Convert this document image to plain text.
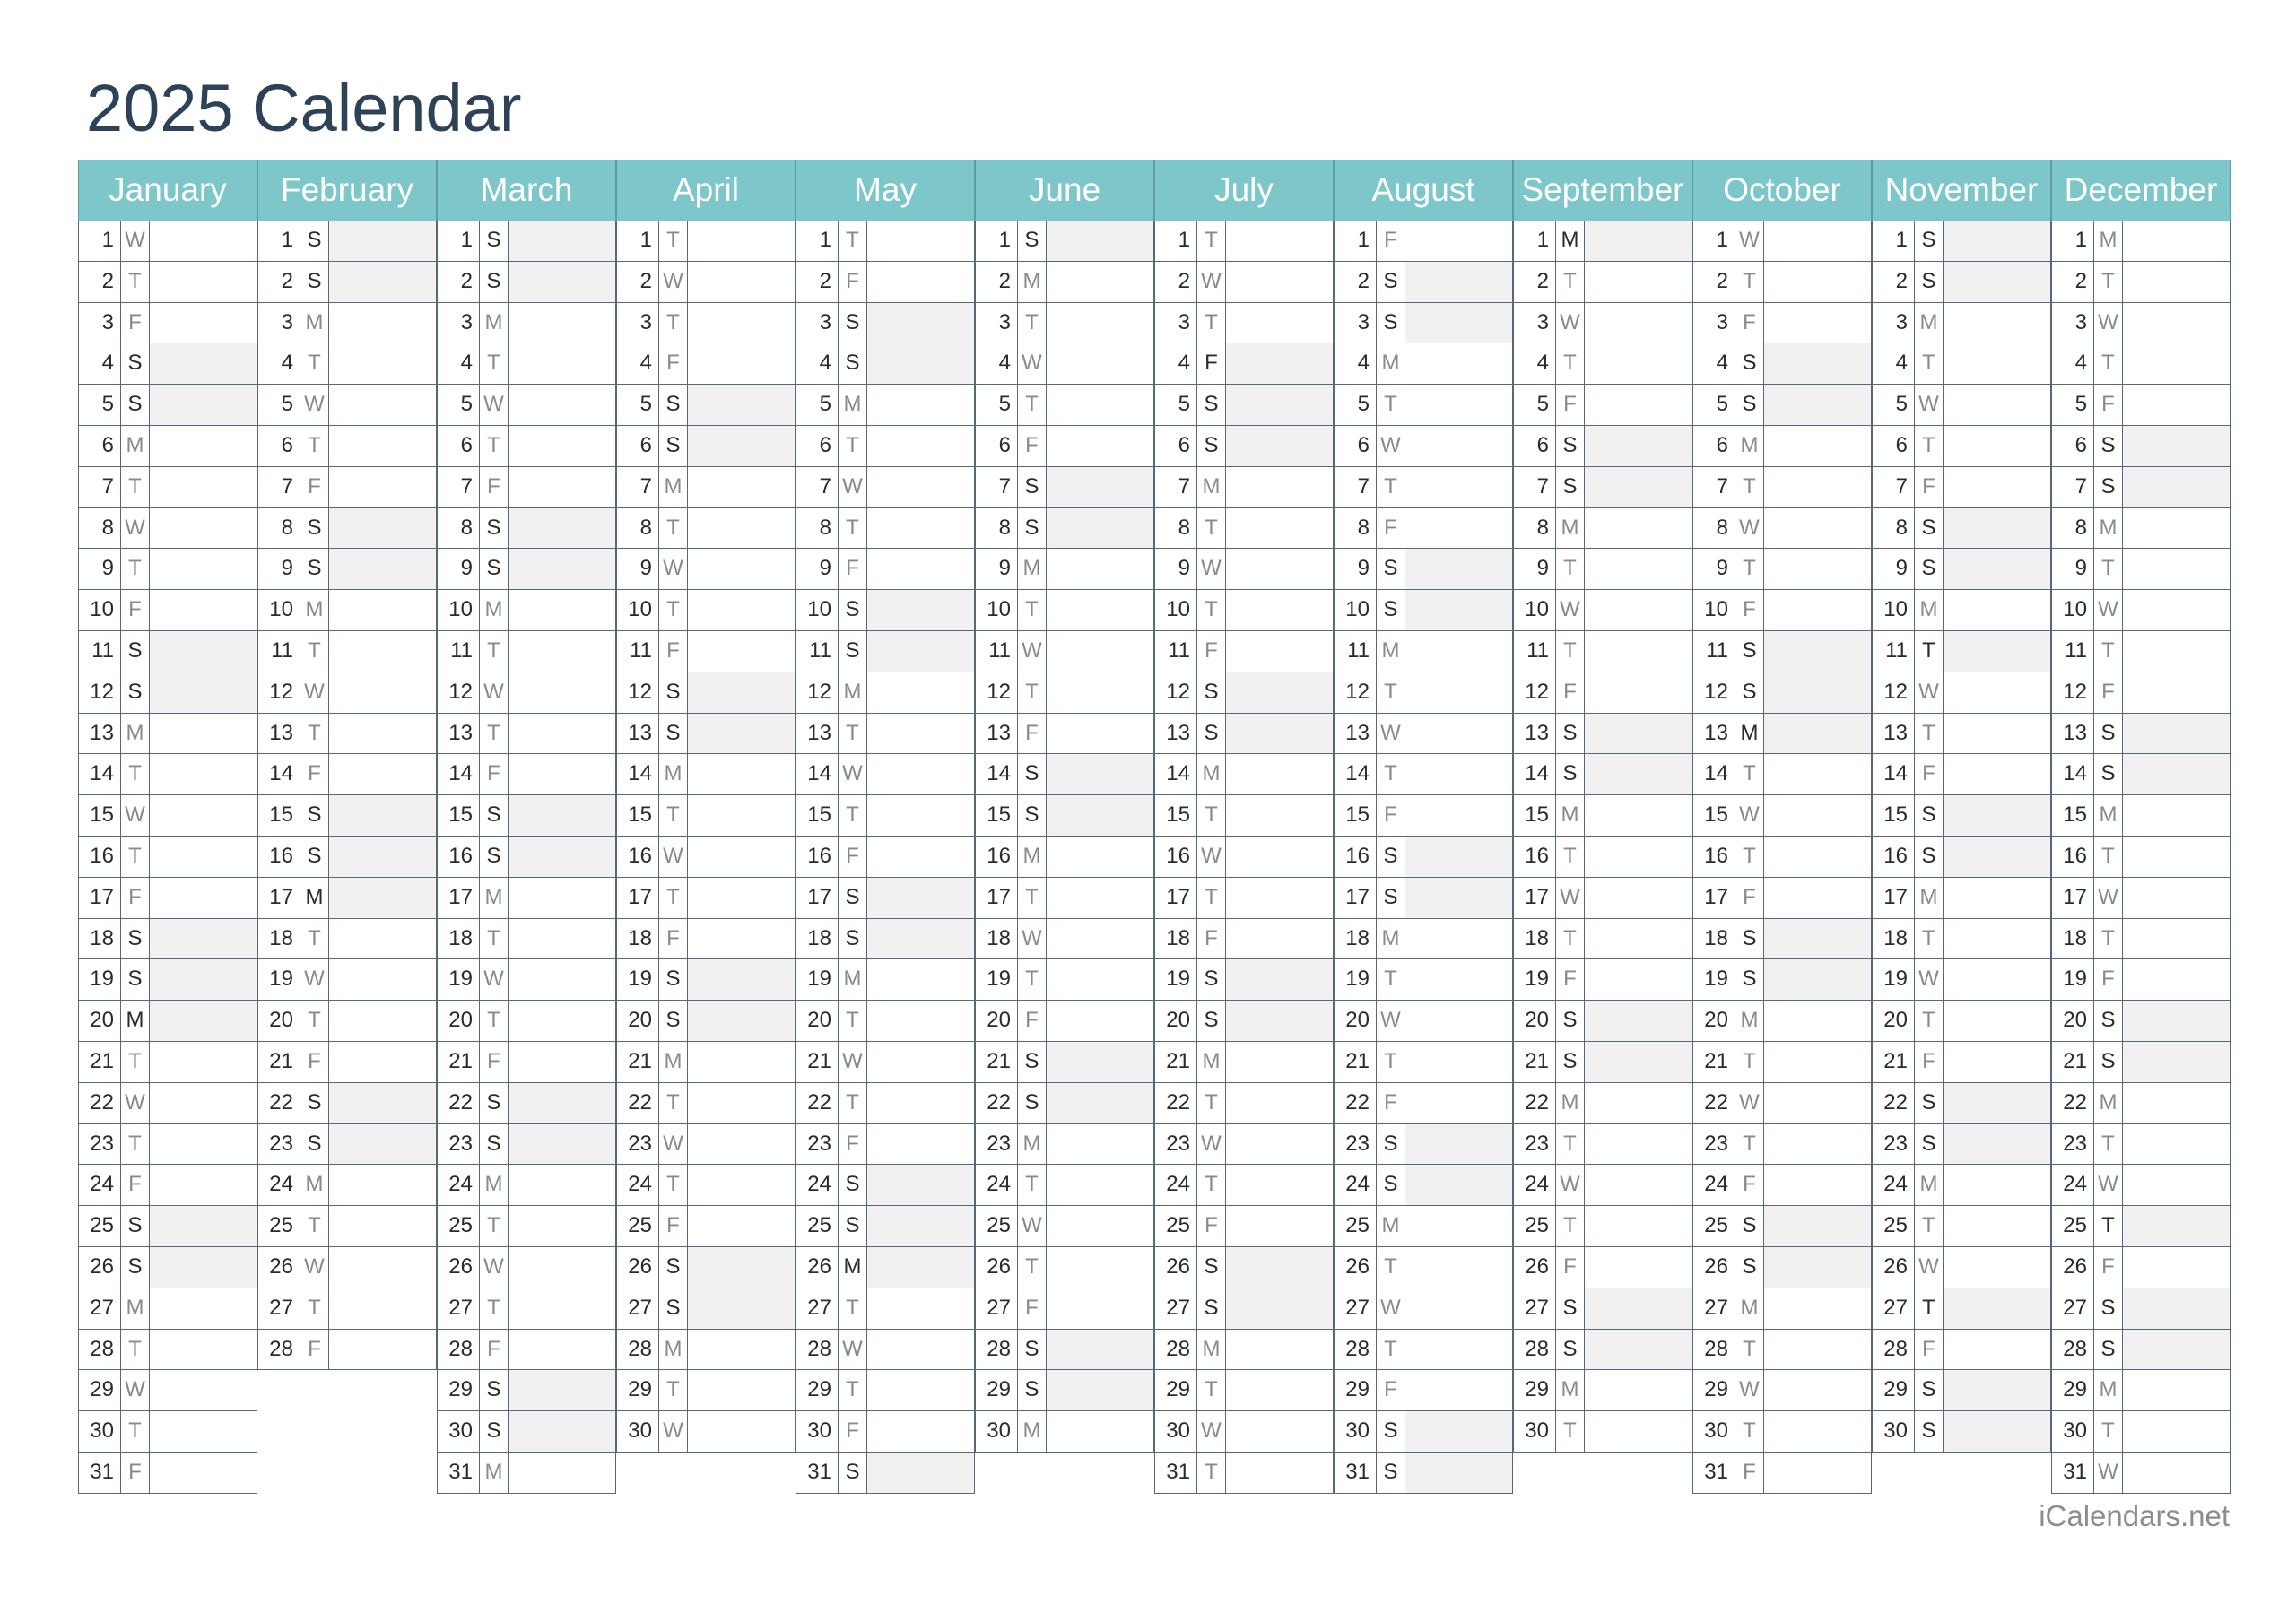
2025 Calendar
January
1 W
2 T
3 F
4 S
5 S
6 M
7 T
8 W
9 T
10 F
11 S
12 S
13 M
14 T
15 W
16 T
17 F
18 S
19 S
20 M
21 T
22 W
23 T
24 F
25 S
26 S
27 M
28 T
29 W
30 T
31 F
February
1 S
2 S
3 M
4 T
5 W
6 T
7 F
8 S
9 S
10 M
11 T
12 W
13 T
14 F
15 S
16 S
17 M
18 T
19 W
20 T
21 F
22 S
23 S
24 M
25 T
26 W
27 T
28 F
March
1 S
2 S
3 M
4 T
5 W
6 T
7 F
8 S
9 S
10 M
11 T
12 W
13 T
14 F
15 S
16 S
17 M
18 T
19 W
20 T
21 F
22 S
23 S
24 M
25 T
26 W
27 T
28 F
29 S
30 S
31 M
April
1 T
2 W
3 T
4 F
5 S
6 S
7 M
8 T
9 W
10 T
11 F
12 S
13 S
14 M
15 T
16 W
17 T
18 F
19 S
20 S
21 M
22 T
23 W
24 T
25 F
26 S
27 S
28 M
29 T
30 W
May
1 T
2 F
3 S
4 S
5 M
6 T
7 W
8 T
9 F
10 S
11 S
12 M
13 T
14 W
15 T
16 F
17 S
18 S
19 M
20 T
21 W
22 T
23 F
24 S
25 S
26 M
27 T
28 W
29 T
30 F
31 S
June
1 S
2 M
3 T
4 W
5 T
6 F
7 S
8 S
9 M
10 T
11 W
12 T
13 F
14 S
15 S
16 M
17 T
18 W
19 T
20 F
21 S
22 S
23 M
24 T
25 W
26 T
27 F
28 S
29 S
30 M
July
1 T
2 W
3 T
4 F
5 S
6 S
7 M
8 T
9 W
10 T
11 F
12 S
13 S
14 M
15 T
16 W
17 T
18 F
19 S
20 S
21 M
22 T
23 W
24 T
25 F
26 S
27 S
28 M
29 T
30 W
31 T
August
1 F
2 S
3 S
4 M
5 T
6 W
7 T
8 F
9 S
10 S
11 M
12 T
13 W
14 T
15 F
16 S
17 S
18 M
19 T
20 W
21 T
22 F
23 S
24 S
25 M
26 T
27 W
28 T
29 F
30 S
31 S
September
1 M
2 T
3 W
4 T
5 F
6 S
7 S
8 M
9 T
10 W
11 T
12 F
13 S
14 S
15 M
16 T
17 W
18 T
19 F
20 S
21 S
22 M
23 T
24 W
25 T
26 F
27 S
28 S
29 M
30 T
October
1 W
2 T
3 F
4 S
5 S
6 M
7 T
8 W
9 T
10 F
11 S
12 S
13 M
14 T
15 W
16 T
17 F
18 S
19 S
20 M
21 T
22 W
23 T
24 F
25 S
26 S
27 M
28 T
29 W
30 T
31 F
November
1 S
2 S
3 M
4 T
5 W
6 T
7 F
8 S
9 S
10 M
11 T
12 W
13 T
14 F
15 S
16 S
17 M
18 T
19 W
20 T
21 F
22 S
23 S
24 M
25 T
26 W
27 T
28 F
29 S
30 S
December
1 M
2 T
3 W
4 T
5 F
6 S
7 S
8 M
9 T
10 W
11 T
12 F
13 S
14 S
15 M
16 T
17 W
18 T
19 F
20 S
21 S
22 M
23 T
24 W
25 T
26 F
27 S
28 S
29 M
30 T
31 W
iCalendars.net
